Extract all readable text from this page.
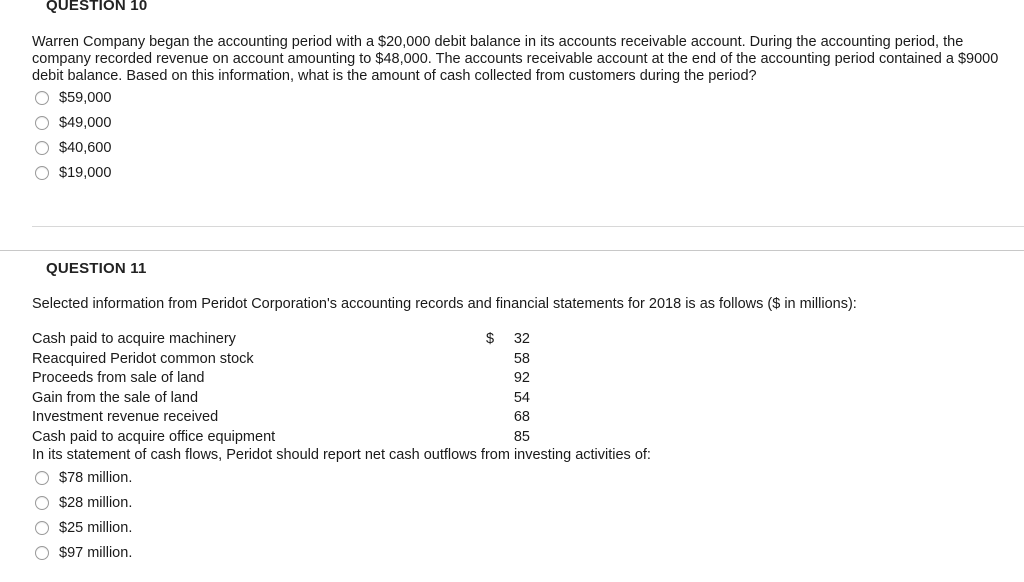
QUESTION 10
Warren Company began the accounting period with a $20,000 debit balance in its accounts receivable account. During the accounting period, the company recorded revenue on account amounting to $48,000. The accounts receivable account at the end of the accounting period contained a $9000 debit balance. Based on this information, what is the amount of cash collected from customers during the period?
$59,000
$49,000
$40,600
$19,000
QUESTION 11
Selected information from Peridot Corporation's accounting records and financial statements for 2018 is as follows ($ in millions):
Cash paid to acquire machinery	$	32
Reacquired Peridot common stock	58
Proceeds from sale of land	92
Gain from the sale of land	54
Investment revenue received	68
Cash paid to acquire office equipment	85
In its statement of cash flows, Peridot should report net cash outflows from investing activities of:
$78 million.
$28 million.
$25 million.
$97 million.
